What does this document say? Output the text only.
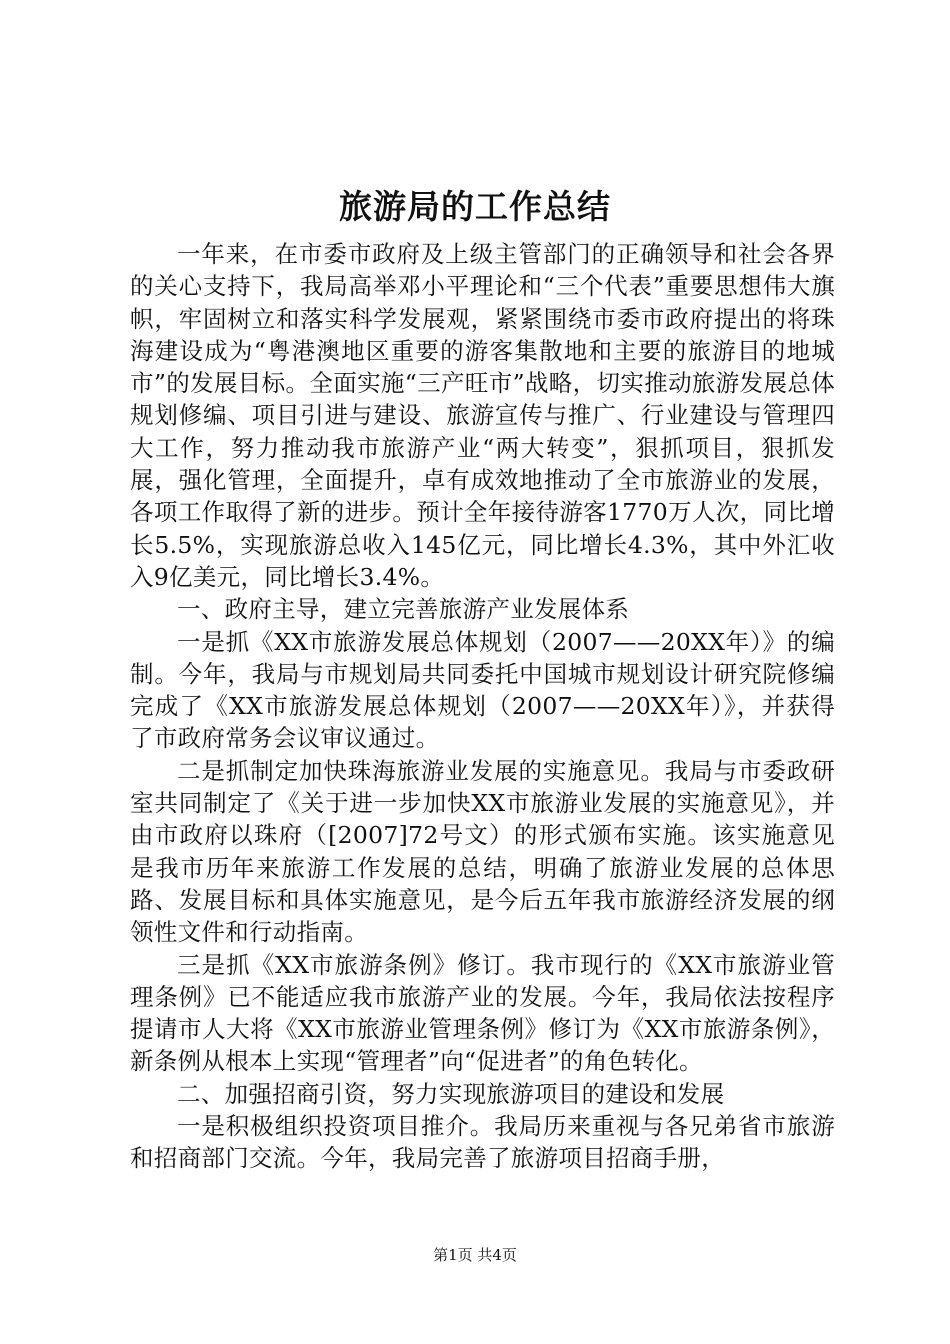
旅游局的工作总结

一年来，在市委市政府及上级主管部门的正确领导和社会各界的关心支持下，我局高举邓小平理论和“三个代表”重要思想伟大旗帜，牢固树立和落实科学发展观，紧紧围绕市委市政府提出的将珠海建设成为“粤港澳地区重要的游客集散地和主要的旅游目的地城市”的发展目标。全面实施“三产旺市”战略，切实推动旅游发展总体规划修编、项目引进与建设、旅游宣传与推广、行业建设与管理四大工作，努力推动我市旅游产业“两大转变”，狠抓项目，狠抓发展，强化管理，全面提升，卓有成效地推动了全市旅游业的发展，各项工作取得了新的进步。预计全年接待游客1770万人次，同比增长5.5%，实现旅游总收入145亿元，同比增长4.3%，其中外汇收入9亿美元，同比增长3.4%。

一、政府主导，建立完善旅游产业发展体系

一是抓《XX市旅游发展总体规划（2007——20XX年）》的编制。今年，我局与市规划局共同委托中国城市规划设计研究院修编完成了《XX市旅游发展总体规划（2007——20XX年）》，并获得了市政府常务会议审议通过。

二是抓制定加快珠海旅游业发展的实施意见。我局与市委政研室共同制定了《关于进一步加快XX市旅游业发展的实施意见》，并由市政府以珠府（[2007]72号文）的形式颁布实施。该实施意见是我市历年来旅游工作发展的总结，明确了旅游业发展的总体思路、发展目标和具体实施意见，是今后五年我市旅游经济发展的纲领性文件和行动指南。

三是抓《XX市旅游条例》修订。我市现行的《XX市旅游业管理条例》已不能适应我市旅游产业的发展。今年，我局依法按程序提请市人大将《XX市旅游业管理条例》修订为《XX市旅游条例》，新条例从根本上实现“管理者”向“促进者”的角色转化。

二、加强招商引资，努力实现旅游项目的建设和发展

一是积极组织投资项目推介。我局历来重视与各兄弟省市旅游和招商部门交流。今年，我局完善了旅游项目招商手册，

第1页 共4页
